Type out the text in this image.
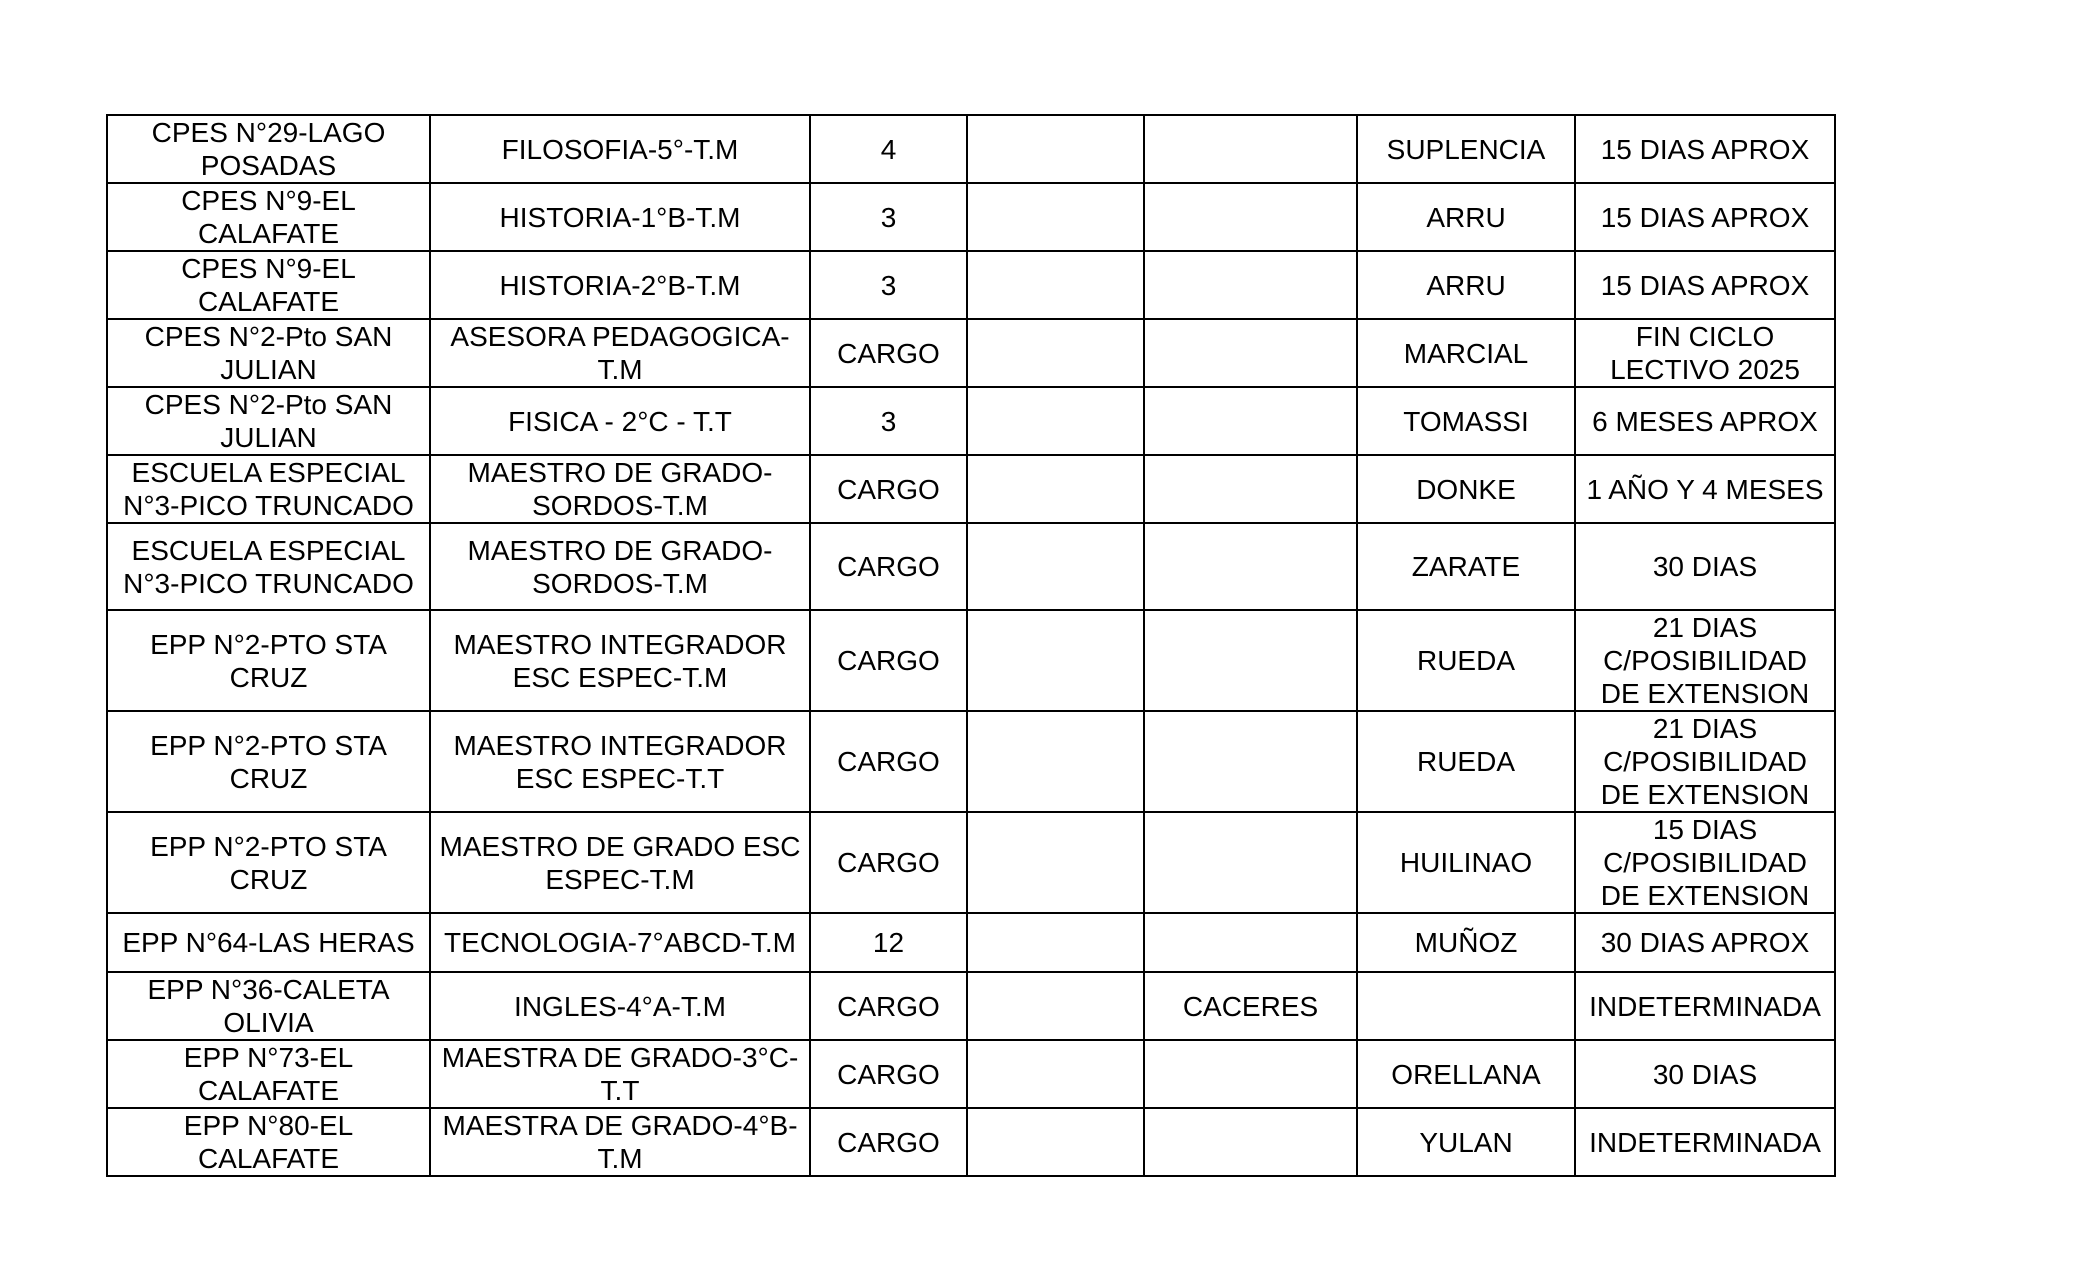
CPES N°29-LAGO POSADAS	FILOSOFIA-5°-T.M	4			SUPLENCIA	15 DIAS APROX
CPES N°9-EL CALAFATE	HISTORIA-1°B-T.M	3			ARRU	15 DIAS APROX
CPES N°9-EL CALAFATE	HISTORIA-2°B-T.M	3			ARRU	15 DIAS APROX
CPES N°2-Pto SAN JULIAN	ASESORA PEDAGOGICA-T.M	CARGO			MARCIAL	FIN CICLO LECTIVO 2025
CPES N°2-Pto SAN JULIAN	FISICA - 2°C - T.T	3			TOMASSI	6 MESES APROX
ESCUELA ESPECIAL N°3-PICO TRUNCADO	MAESTRO DE GRADO-SORDOS-T.M	CARGO			DONKE	1 AÑO Y 4 MESES
ESCUELA ESPECIAL N°3-PICO TRUNCADO	MAESTRO DE GRADO-SORDOS-T.M	CARGO			ZARATE	30 DIAS
EPP N°2-PTO STA CRUZ	MAESTRO INTEGRADOR ESC ESPEC-T.M	CARGO			RUEDA	21 DIAS C/POSIBILIDAD DE EXTENSION
EPP N°2-PTO STA CRUZ	MAESTRO INTEGRADOR ESC ESPEC-T.T	CARGO			RUEDA	21 DIAS C/POSIBILIDAD DE EXTENSION
EPP N°2-PTO STA CRUZ	MAESTRO DE GRADO ESC ESPEC-T.M	CARGO			HUILINAO	15 DIAS C/POSIBILIDAD DE EXTENSION
EPP N°64-LAS HERAS	TECNOLOGIA-7°ABCD-T.M	12			MUÑOZ	30 DIAS APROX
EPP N°36-CALETA OLIVIA	INGLES-4°A-T.M	CARGO		CACERES		INDETERMINADA
EPP N°73-EL CALAFATE	MAESTRA DE GRADO-3°C-T.T	CARGO			ORELLANA	30 DIAS
EPP N°80-EL CALAFATE	MAESTRA DE GRADO-4°B-T.M	CARGO			YULAN	INDETERMINADA
